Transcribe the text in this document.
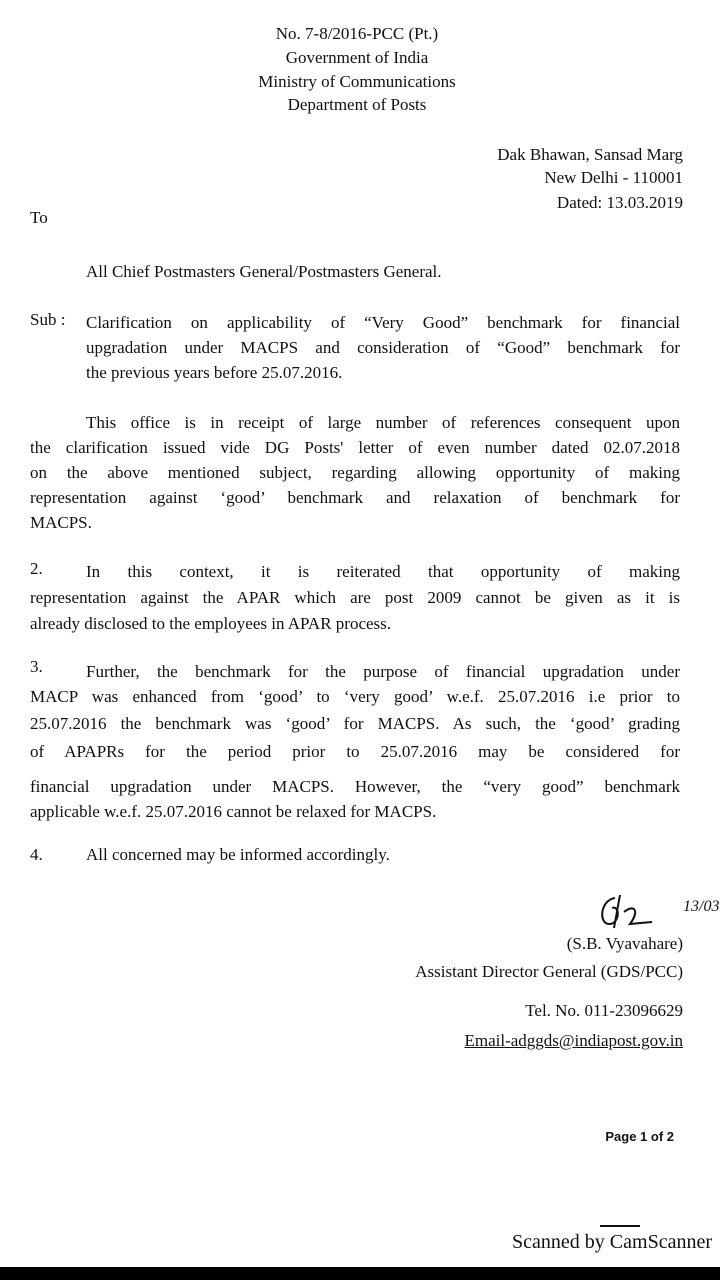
No. 7-8/2016-PCC (Pt.)
Government of India
Ministry of Communications
Department of Posts
Dak Bhawan, Sansad Marg
New Delhi - 110001
Dated: 13.03.2019
To
All Chief Postmasters General/Postmasters General.
Sub : Clarification on applicability of “Very Good” benchmark for financial
upgradation under MACPS and consideration of “Good” benchmark for
the previous years before 25.07.2016.
This office is in receipt of large number of references consequent upon
the clarification issued vide DG Posts' letter of even number dated 02.07.2018
on the above mentioned subject, regarding allowing opportunity of making
representation against ‘good’ benchmark and relaxation of benchmark for
MACPS.
2.	In this context, it is reiterated that opportunity of making
representation against the APAR which are post 2009 cannot be given as it is
already disclosed to the employees in APAR process.
3.	Further, the benchmark for the purpose of financial upgradation under
MACP was enhanced from ‘good’ to ‘very good’ w.e.f. 25.07.2016 i.e prior to
25.07.2016 the benchmark was ‘good’ for MACPS. As such, the ‘good’ grading
of APAPRs for the period prior to 25.07.2016 may be considered for
financial upgradation under MACPS. However, the “very good” benchmark
applicable w.e.f. 25.07.2016 cannot be relaxed for MACPS.
4.	All concerned may be informed accordingly.
13/03
(S.B. Vyavahare)
Assistant Director General (GDS/PCC)
Tel. No. 011-23096629
Email-adggds@indiapost.gov.in
Page 1 of 2
Scanned by CamScanner
